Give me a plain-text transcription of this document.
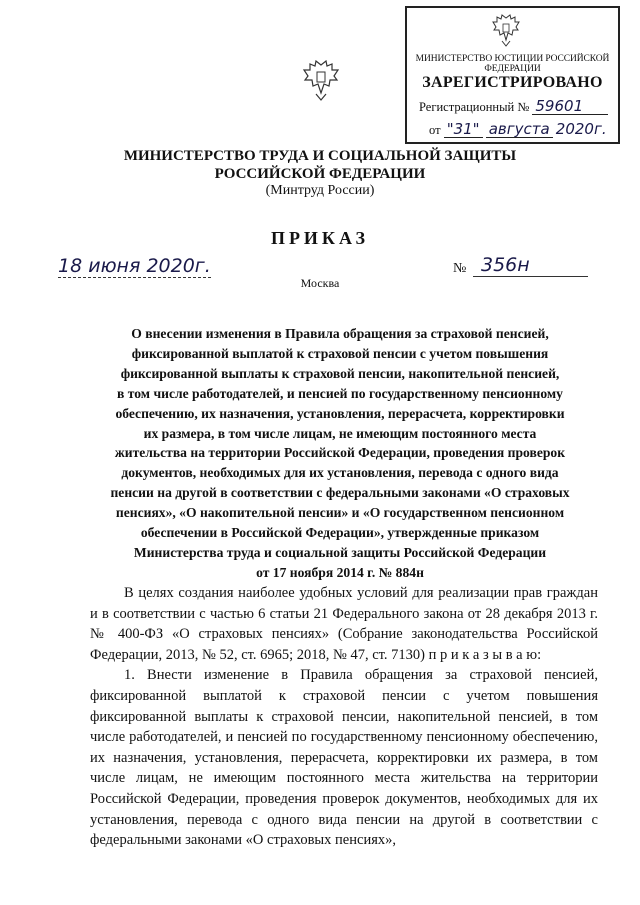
МИНИСТЕРСТВО ЮСТИЦИИ РОССИЙСКОЙ ФЕДЕРАЦИИ
ЗАРЕГИСТРИРОВАНО
Регистрационный № 59601
от "31" августа 2020г.
МИНИСТЕРСТВО ТРУДА И СОЦИАЛЬНОЙ ЗАЩИТЫ
РОССИЙСКОЙ ФЕДЕРАЦИИ
(Минтруд России)
ПРИКАЗ
18 июня 2020г.	№ 356н
Москва
О внесении изменения в Правила обращения за страховой пенсией,
фиксированной выплатой к страховой пенсии с учетом повышения
фиксированной выплаты к страховой пенсии, накопительной пенсией,
в том числе работодателей, и пенсией по государственному пенсионному
обеспечению, их назначения, установления, перерасчета, корректировки
их размера, в том числе лицам, не имеющим постоянного места
жительства на территории Российской Федерации, проведения проверок
документов, необходимых для их установления, перевода с одного вида
пенсии на другой в соответствии с федеральными законами «О страховых
пенсиях», «О накопительной пенсии» и «О государственном пенсионном
обеспечении в Российской Федерации», утвержденные приказом
Министерства труда и социальной защиты Российской Федерации
от 17 ноября 2014 г. № 884н

В целях создания наиболее удобных условий для реализации прав граждан и в соответствии с частью 6 статьи 21 Федерального закона от 28 декабря 2013 г. № 400-ФЗ «О страховых пенсиях» (Собрание законодательства Российской Федерации, 2013, № 52, ст. 6965; 2018, № 47, ст. 7130) п р и к а з ы в а ю:

1. Внести изменение в Правила обращения за страховой пенсией, фиксированной выплатой к страховой пенсии с учетом повышения фиксированной выплаты к страховой пенсии, накопительной пенсией, в том числе работодателей, и пенсией по государственному пенсионному обеспечению, их назначения, установления, перерасчета, корректировки их размера, в том числе лицам, не имеющим постоянного места жительства на территории Российской Федерации, проведения проверок документов, необходимых для их установления, перевода с одного вида пенсии на другой в соответствии с федеральными законами «О страховых пенсиях»,
